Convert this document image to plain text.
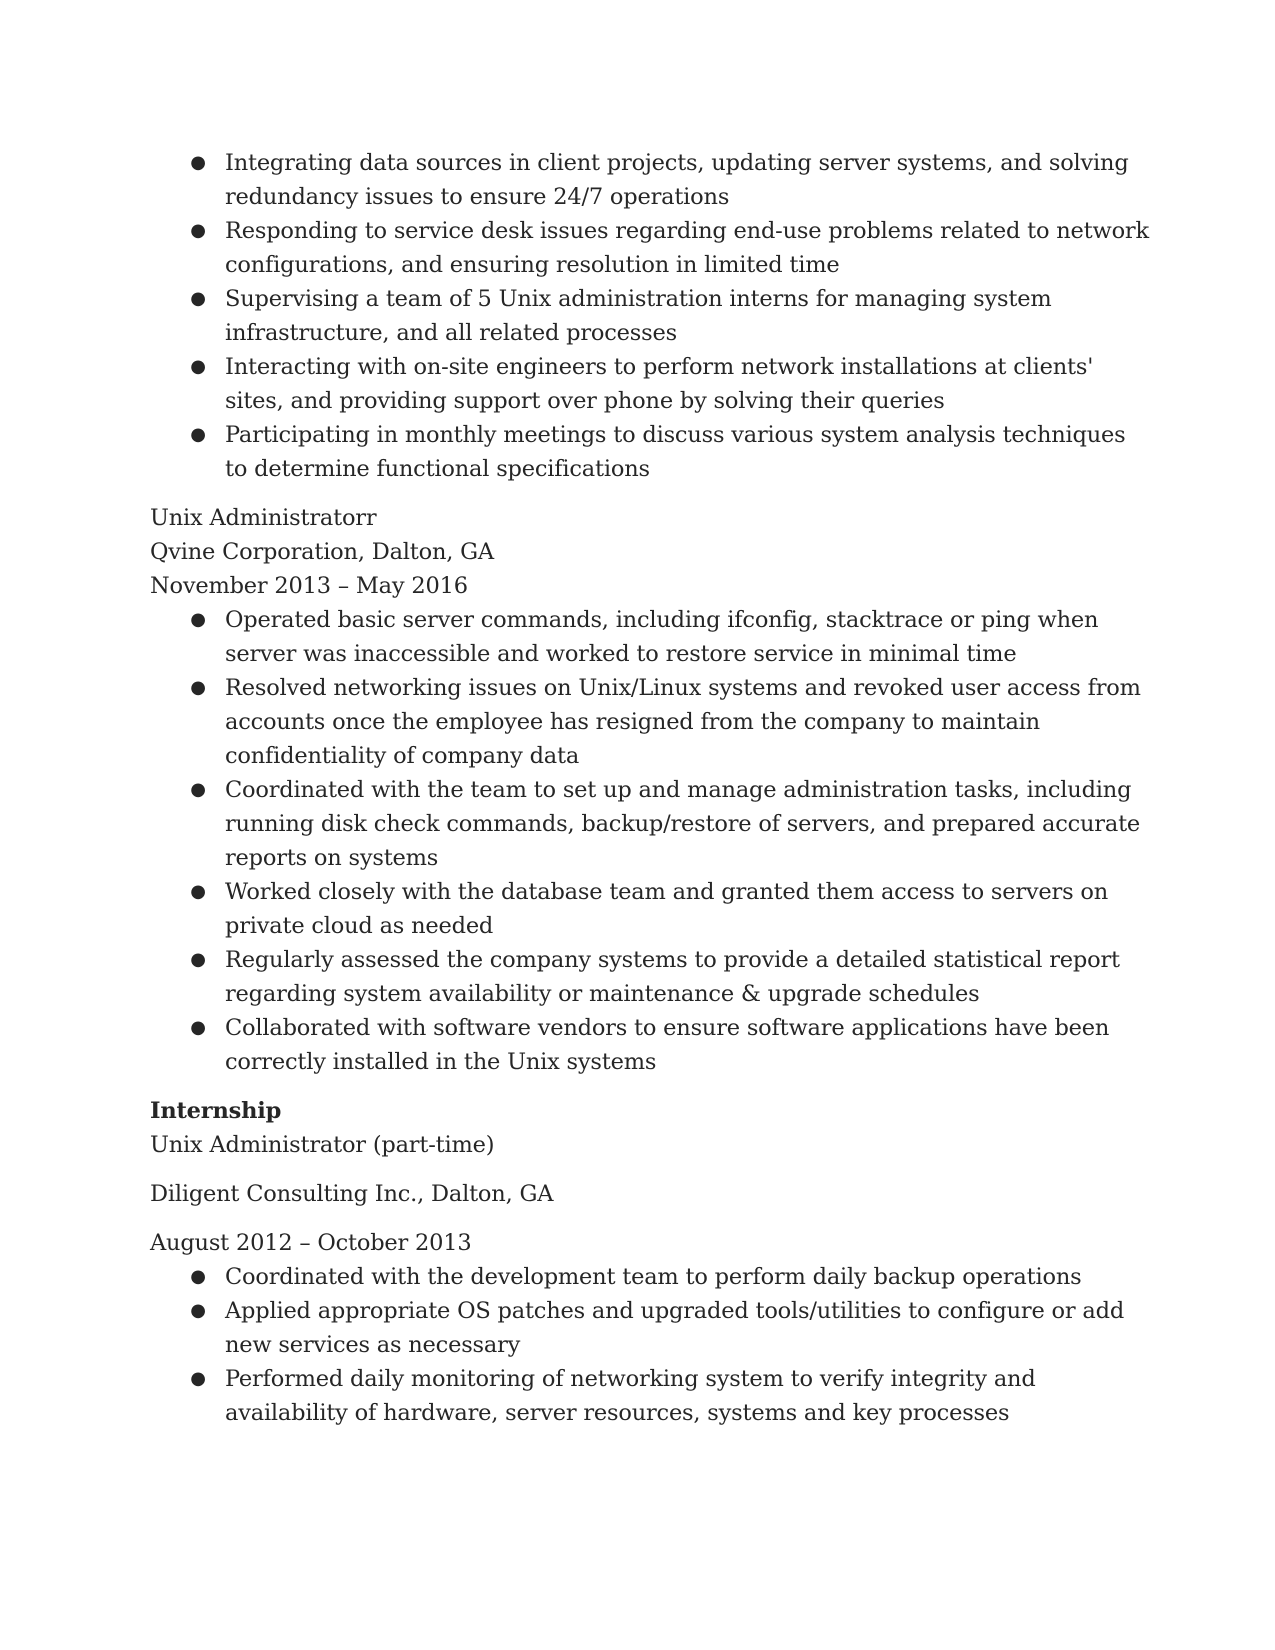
● Integrating data sources in client projects, updating server systems, and solving redundancy issues to ensure 24/7 operations
● Responding to service desk issues regarding end-use problems related to network configurations, and ensuring resolution in limited time
● Supervising a team of 5 Unix administration interns for managing system infrastructure, and all related processes
● Interacting with on-site engineers to perform network installations at clients' sites, and providing support over phone by solving their queries
● Participating in monthly meetings to discuss various system analysis techniques to determine functional specifications
Unix Administratorr
Qvine Corporation, Dalton, GA
November 2013 – May 2016
● Operated basic server commands, including ifconfig, stacktrace or ping when server was inaccessible and worked to restore service in minimal time
● Resolved networking issues on Unix/Linux systems and revoked user access from accounts once the employee has resigned from the company to maintain confidentiality of company data
● Coordinated with the team to set up and manage administration tasks, including running disk check commands, backup/restore of servers, and prepared accurate reports on systems
● Worked closely with the database team and granted them access to servers on private cloud as needed
● Regularly assessed the company systems to provide a detailed statistical report regarding system availability or maintenance & upgrade schedules
● Collaborated with software vendors to ensure software applications have been correctly installed in the Unix systems
Internship
Unix Administrator (part-time)
Diligent Consulting Inc., Dalton, GA
August 2012 – October 2013
● Coordinated with the development team to perform daily backup operations
● Applied appropriate OS patches and upgraded tools/utilities to configure or add new services as necessary
● Performed daily monitoring of networking system to verify integrity and availability of hardware, server resources, systems and key processes
